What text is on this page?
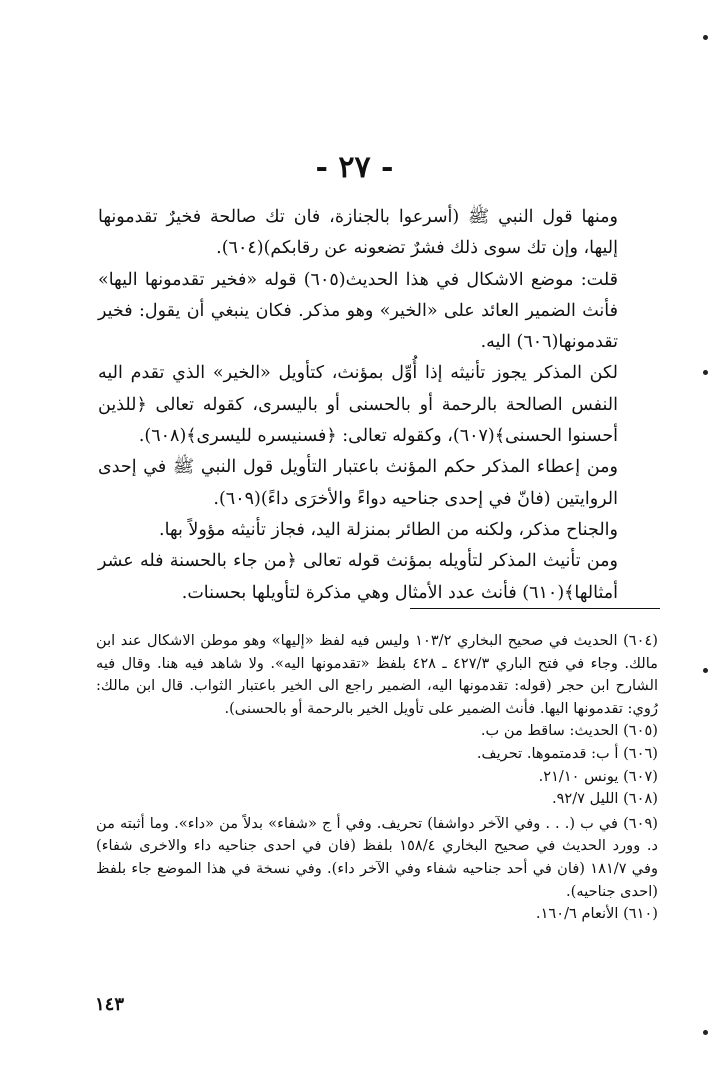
- ٢٧ -

ومنها قول النبي ﷺ (أسرعوا بالجنازة، فان تك صالحة فخيرٌ تقدمونها إليها، وإن تك سوى ذلك فشرٌ تضعونه عن رقابكم)(٦٠٤).

قلت: موضع الاشكال في هذا الحديث(٦٠٥) قوله «فخير تقدمونها اليها» فأنث الضمير العائد على «الخير» وهو مذكر. فكان ينبغي أن يقول: فخير تقدمونها(٦٠٦) اليه.

لكن المذكر يجوز تأنيثه إذا أُوِّل بمؤنث، كتأويل «الخير» الذي تقدم اليه النفس الصالحة بالرحمة أو بالحسنى أو باليسرى، كقوله تعالى ﴿للذين أحسنوا الحسنى﴾(٦٠٧)، وكقوله تعالى: ﴿فسنيسره لليسرى﴾(٦٠٨).

ومن إعطاء المذكر حكم المؤنث باعتبار التأويل قول النبي ﷺ في إحدى الروايتين (فانّ في إحدى جناحيه دواءً والأخرَى داءً)(٦٠٩).

والجناح مذكر، ولكنه من الطائر بمنزلة اليد، فجاز تأنيثه مؤولاً بها.

ومن تأنيث المذكر لتأويله بمؤنث قوله تعالى ﴿من جاء بالحسنة فله عشر أمثالها﴾(٦١٠) فأنث عدد الأمثال وهي مذكرة لتأويلها بحسنات.

(٦٠٤) الحديث في صحيح البخاري ١٠٣/٢ وليس فيه لفظ «إليها» وهو موطن الاشكال عند ابن مالك. وجاء في فتح الباري ٤٢٧/٣ ـ ٤٢٨ بلفظ «تقدمونها اليه». ولا شاهد فيه هنا. وقال فيه الشارح ابن حجر (قوله: تقدمونها اليه، الضمير راجع الى الخير باعتبار الثواب. قال ابن مالك: رُوي: تقدمونها اليها. فأنث الضمير على تأويل الخير بالرحمة أو بالحسنى).

(٦٠٥) الحديث: ساقط من ب.

(٦٠٦) أ ب: قدمتموها. تحريف.

(٦٠٧) يونس ٢١/١٠.

(٦٠٨) الليل ٩٢/٧.

(٦٠٩) في ب (. . . وفي الآخر دواشفا) تحريف. وفي أ ج «شفاء» بدلاً من «داء». وما أثبته من د. وورد الحديث في صحيح البخاري ١٥٨/٤ بلفظ (فان في احدى جناحيه داء والاخرى شفاء) وفي ١٨١/٧ (فان في أحد جناحيه شفاء وفي الآخر داء). وفي نسخة في هذا الموضع جاء بلفظ (احدى جناحيه).

(٦١٠) الأنعام ١٦٠/٦.

١٤٣
